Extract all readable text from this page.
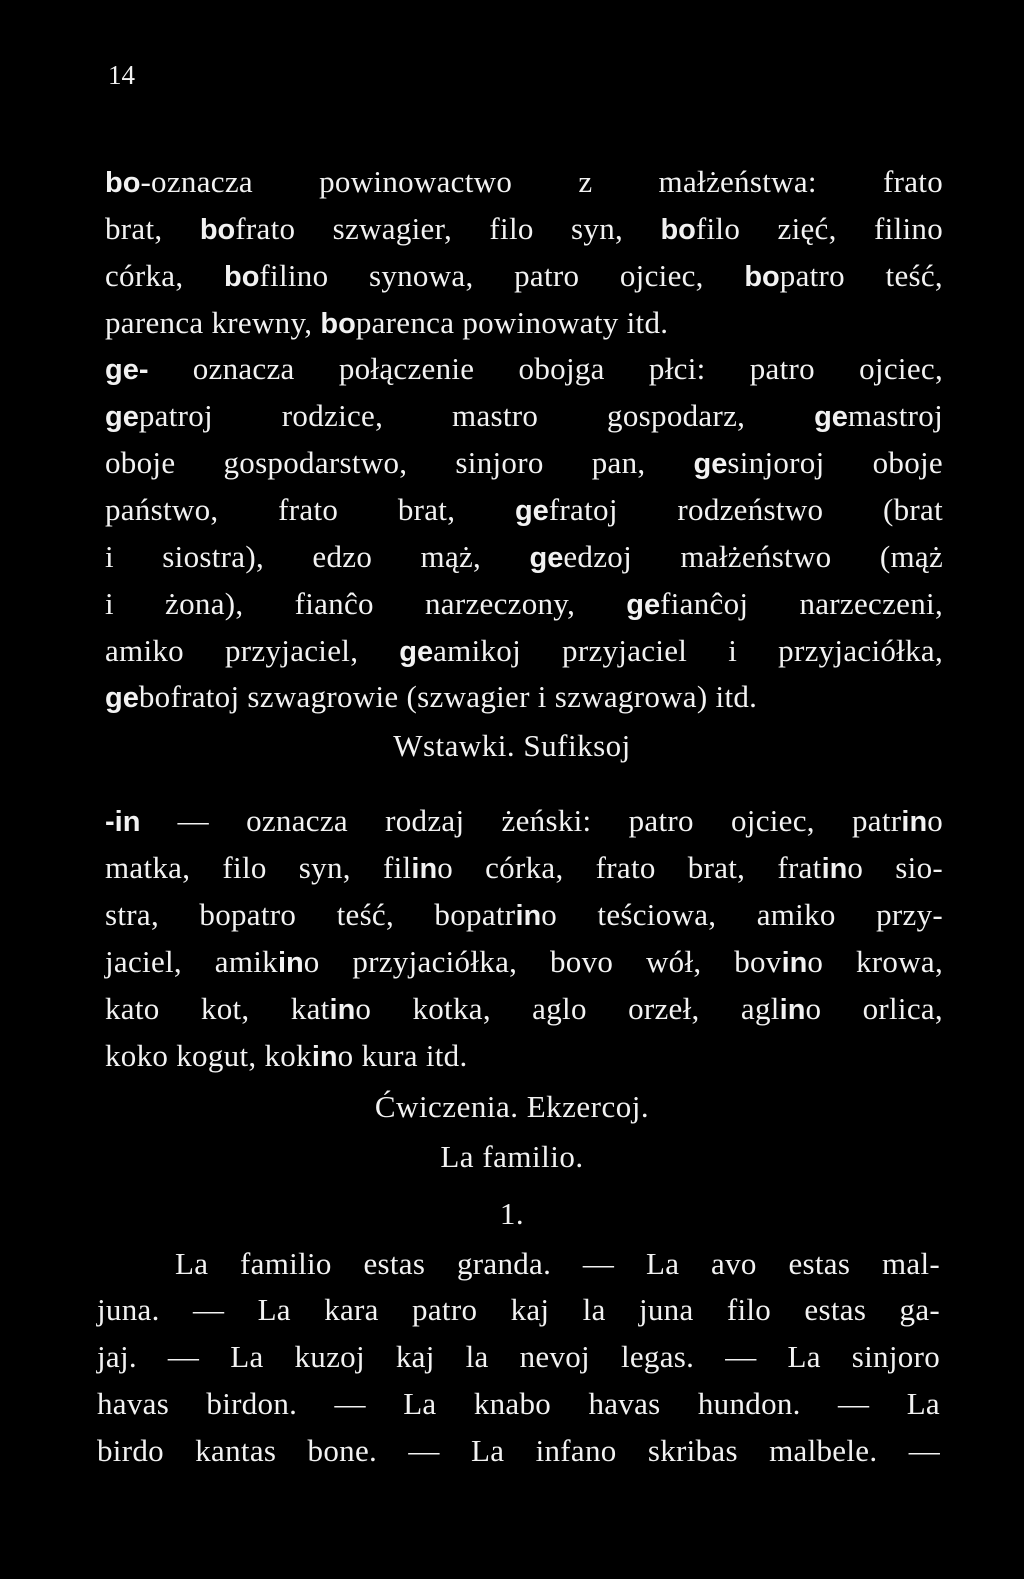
14
bo-oznacza powinowactwo z małżeństwa: frato
brat, bofrato szwagier, filo syn, bofilo zięć, filino
córka, bofilino synowa, patro ojciec, bopatro teść,
parenca krewny, boparenca powinowaty itd.
ge- oznacza połączenie obojga płci: patro ojciec,
gepatroj rodzice, mastro gospodarz, gemastroj
oboje gospodarstwo, sinjoro pan, gesinjoroj oboje
państwo, frato brat, gefratoj rodzeństwo (brat
i siostra), edzo mąż, geedzoj małżeństwo (mąż
i żona), fianĉo narzeczony, gefianĉoj narzeczeni,
amiko przyjaciel, geamikoj przyjaciel i przyjaciółka,
gebofratoj szwagrowie (szwagier i szwagrowa) itd.
Wstawki. Sufiksoj
-in — oznacza rodzaj żeński: patro ojciec, patrino
matka, filo syn, filino córka, frato brat, fratino sio-
stra, bopatro teść, bopatrino teściowa, amiko przy-
jaciel, amikino przyjaciółka, bovo wół, bovino krowa,
kato kot, katino kotka, aglo orzeł, aglino orlica,
koko kogut, kokino kura itd.
Ćwiczenia. Ekzercoj.
La familio.
1.
La familio estas granda. — La avo estas mal-
juna. — La kara patro kaj la juna filo estas ga-
jaj. — La kuzoj kaj la nevoj legas. — La sinjoro
havas birdon. — La knabo havas hundon. — La
birdo kantas bone. — La infano skribas malbele. —
